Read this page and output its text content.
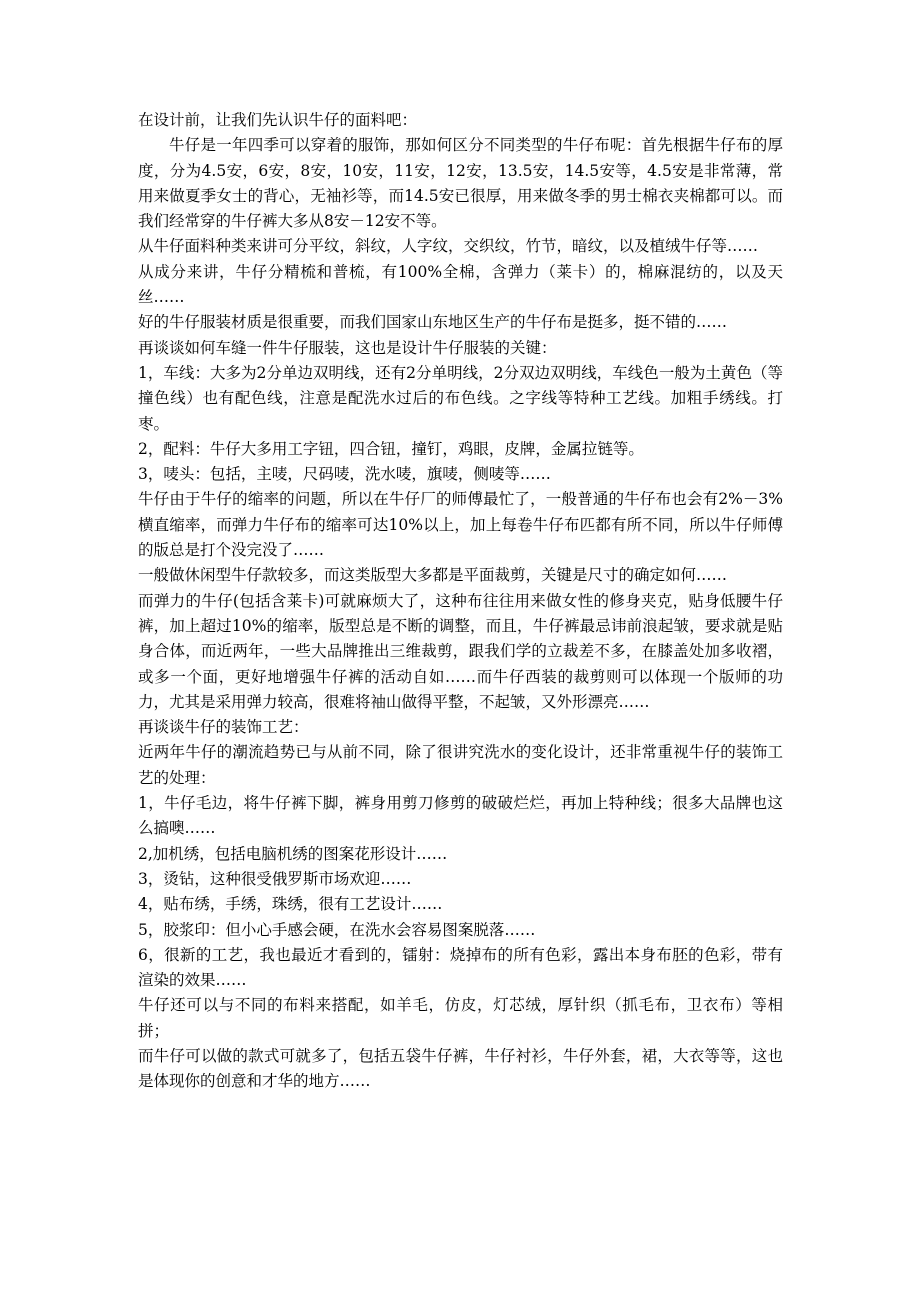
在设计前，让我们先认识牛仔的面料吧：

牛仔是一年四季可以穿着的服饰，那如何区分不同类型的牛仔布呢：首先根据牛仔布的厚度，分为4.5安，6安，8安，10安，11安，12安，13.5安，14.5安等，4.5安是非常薄，常用来做夏季女士的背心，无袖衫等，而14.5安已很厚，用来做冬季的男士棉衣夹棉都可以。而我们经常穿的牛仔裤大多从8安－12安不等。

从牛仔面料种类来讲可分平纹，斜纹，人字纹，交织纹，竹节，暗纹，以及植绒牛仔等……

从成分来讲，牛仔分精梳和普梳，有100%全棉，含弹力（莱卡）的，棉麻混纺的，以及天丝……

好的牛仔服装材质是很重要，而我们国家山东地区生产的牛仔布是挺多，挺不错的……

再谈谈如何车缝一件牛仔服装，这也是设计牛仔服装的关键：

1，车线：大多为2分单边双明线，还有2分单明线，2分双边双明线，车线色一般为土黄色（等撞色线）也有配色线，注意是配洗水过后的布色线。之字线等特种工艺线。加粗手绣线。打枣。

2，配料：牛仔大多用工字钮，四合钮，撞钉，鸡眼，皮牌，金属拉链等。

3，唛头：包括，主唛，尺码唛，洗水唛，旗唛，侧唛等……

牛仔由于牛仔的缩率的问题，所以在牛仔厂的师傅最忙了，一般普通的牛仔布也会有2%－3%横直缩率，而弹力牛仔布的缩率可达10%以上，加上每卷牛仔布匹都有所不同，所以牛仔师傅的版总是打个没完没了……

一般做休闲型牛仔款较多，而这类版型大多都是平面裁剪，关键是尺寸的确定如何……

而弹力的牛仔(包括含莱卡)可就麻烦大了，这种布往往用来做女性的修身夹克，贴身低腰牛仔裤，加上超过10%的缩率，版型总是不断的调整，而且，牛仔裤最忌讳前浪起皱，要求就是贴身合体，而近两年，一些大品牌推出三维裁剪，跟我们学的立裁差不多，在膝盖处加多收褶，或多一个面，更好地增强牛仔裤的活动自如……而牛仔西装的裁剪则可以体现一个版师的功力，尤其是采用弹力较高，很难将袖山做得平整，不起皱，又外形漂亮……

再谈谈牛仔的装饰工艺：

近两年牛仔的潮流趋势已与从前不同，除了很讲究洗水的变化设计，还非常重视牛仔的装饰工艺的处理：

1，牛仔毛边，将牛仔裤下脚，裤身用剪刀修剪的破破烂烂，再加上特种线；很多大品牌也这么搞噢……

2,加机绣，包括电脑机绣的图案花形设计……

3，烫钻，这种很受俄罗斯市场欢迎……

4，贴布绣，手绣，珠绣，很有工艺设计……

5，胶浆印：但小心手感会硬，在洗水会容易图案脱落……

6，很新的工艺，我也最近才看到的，镭射：烧掉布的所有色彩，露出本身布胚的色彩，带有渲染的效果……

牛仔还可以与不同的布料来搭配，如羊毛，仿皮，灯芯绒，厚针织（抓毛布，卫衣布）等相拼；

而牛仔可以做的款式可就多了，包括五袋牛仔裤，牛仔衬衫，牛仔外套，裙，大衣等等，这也是体现你的创意和才华的地方……
